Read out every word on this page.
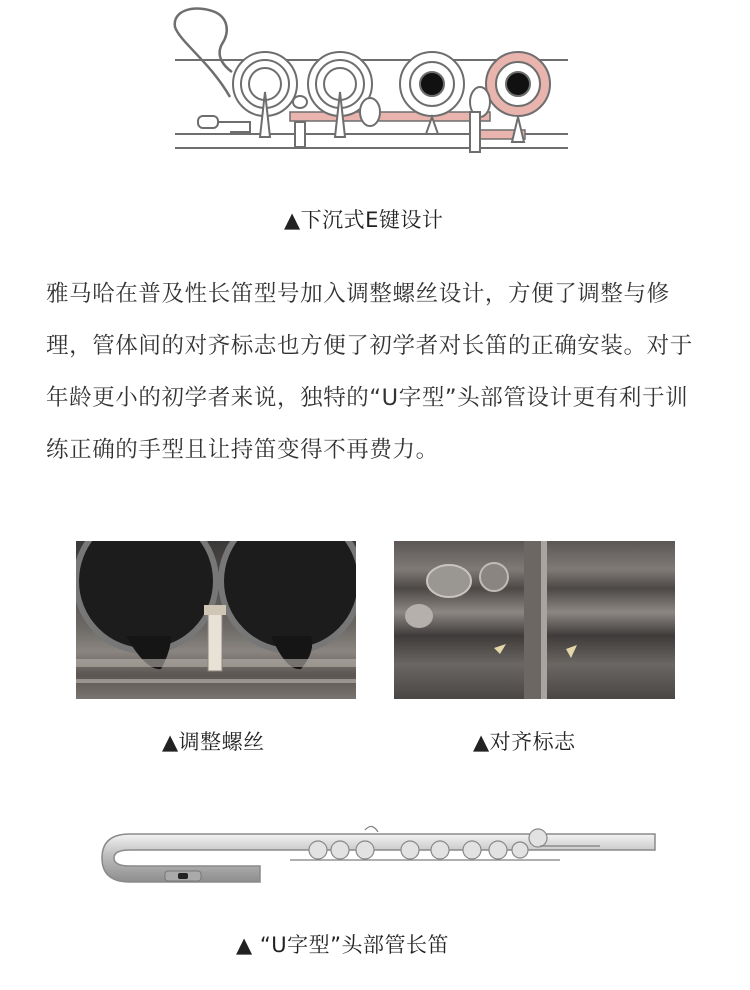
▲下沉式E键设计
雅马哈在普及性长笛型号加入调整螺丝设计，方便了调整与修理，管体间的对齐标志也方便了初学者对长笛的正确安装。对于年龄更小的初学者来说，独特的“U字型”头部管设计更有利于训练正确的手型且让持笛变得不再费力。
▲调整螺丝	▲对齐标志
▲ “U字型”头部管长笛
